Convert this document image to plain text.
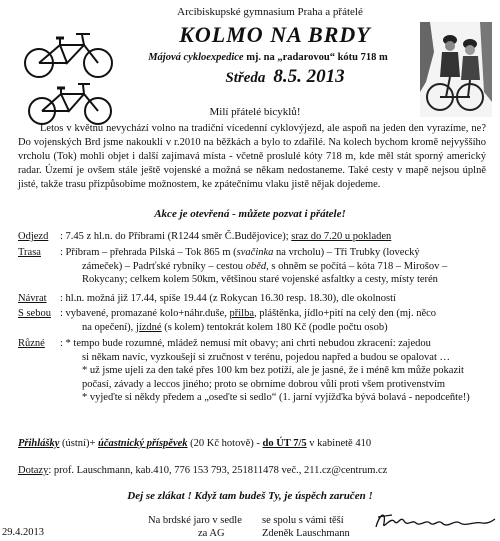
Arcibiskupské gymnasium Praha a přátelé
KOLMO NA BRDY
Májová cykloexpedice mj. na „radarovou“ kótu 718 m
Středa 8.5. 2013
Milí přátelé bicyklů!
Letos v květnu nevychází volno na tradiční vícedenní cyklovýjezd, ale aspoň na jeden den vyrazíme, ne? Do vojenských Brd jsme nakoukli v r.2010 na běžkách a bylo to zdařilé. Na kolech bychom kromě nejvyššího vrcholu (Tok) mohli objet i další zajímavá místa - včetně proslulé kóty 718 m, kde měl stát sporný americký radar. Území je ovšem stále ještě vojenské a možná se někam nedostaneme. Také cesty v mapě nejsou úplně jisté, takže trasu přizpůsobíme možnostem, ke zpátečnímu vlaku jistě nějak dojedeme.
Akce je otevřená - můžete pozvat i přátele!
Odjezd : 7.45 z hl.n. do Příbrami (R1244 směr Č.Budějovice); sraz do 7.20 u pokladen
Trasa : Příbram – přehrada Pilská – Tok 865 m (svačinka na vrcholu) – Tři Trubky (lovecký
zámeček) – Padrťské rybníky – cestou oběd, s ohněm se počítá – kóta 718 – Mirošov –
Rokycany; celkem kolem 50km, většinou staré vojenské asfaltky a cesty, místy terén
Návrat : hl.n. možná již 17.44, spíše 19.44 (z Rokycan 16.30 resp. 18.30), dle okolností
S sebou : vybavené, promazané kolo+náhr.duše, přilba, pláštěnka, jídlo+pití na celý den (mj. něco
na opečení), jízdné (s kolem) tentokrát kolem 180 Kč (podle počtu osob)
Různé : * tempo bude rozumné, mládež nemusí mít obavy; ani chrti nebudou zkracení: zajedou
si někam navíc, vyzkoušejí si zručnost v terénu, pojedou napřed a budou se opalovat …
* už jsme ujeli za den také přes 100 km bez potíží, ale je jasné, že i méně km může pokazit
počasí, závady a leccos jiného; proto se obrníme dobrou vůlí proti všem protivenstvím
* vyjeďte si někdy předem a „oseďte si sedlo“ (1. jarní vyjížďka bývá bolavá - nepodceňte!)
Přihlášky (ústní)+ účastnický příspěvek (20 Kč hotově) - do ÚT 7/5 v kabinetě 410
Dotazy: prof. Lauschmann, kab.410, 776 153 793, 251811478 več., 211.cz@centrum.cz
Dej se zlákat ! Když tam budeš Ty, je úspěch zaručen !
29.4.2013
Na brdské jaro v sedle
za AG
se spolu s vámi těší
Zdeněk Lauschmann
